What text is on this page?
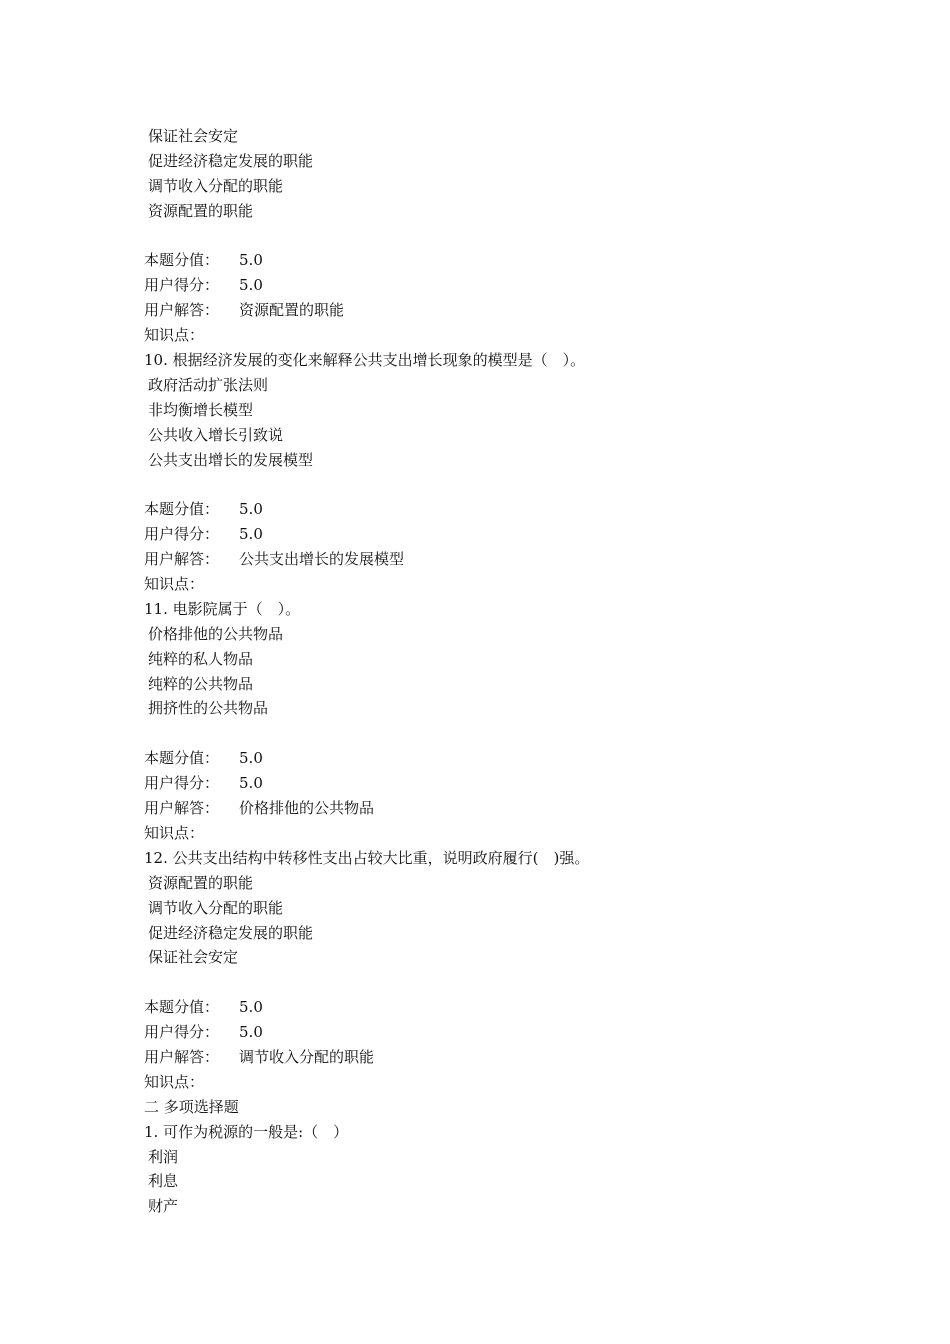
保证社会安定
促进经济稳定发展的职能
调节收入分配的职能
资源配置的职能
本题分值： 5.0
用户得分： 5.0
用户解答： 资源配置的职能
知识点：
10. 根据经济发展的变化来解释公共支出增长现象的模型是（　）。
政府活动扩张法则
非均衡增长模型
公共收入增长引致说
公共支出增长的发展模型
本题分值： 5.0
用户得分： 5.0
用户解答： 公共支出增长的发展模型
知识点：
11. 电影院属于（　）。
价格排他的公共物品
纯粹的私人物品
纯粹的公共物品
拥挤性的公共物品
本题分值： 5.0
用户得分： 5.0
用户解答： 价格排他的公共物品
知识点：
12. 公共支出结构中转移性支出占较大比重，说明政府履行(　)强。
资源配置的职能
调节收入分配的职能
促进经济稳定发展的职能
保证社会安定
本题分值： 5.0
用户得分： 5.0
用户解答： 调节收入分配的职能
知识点：
二 多项选择题
1. 可作为税源的一般是:（　）
利润
利息
财产
